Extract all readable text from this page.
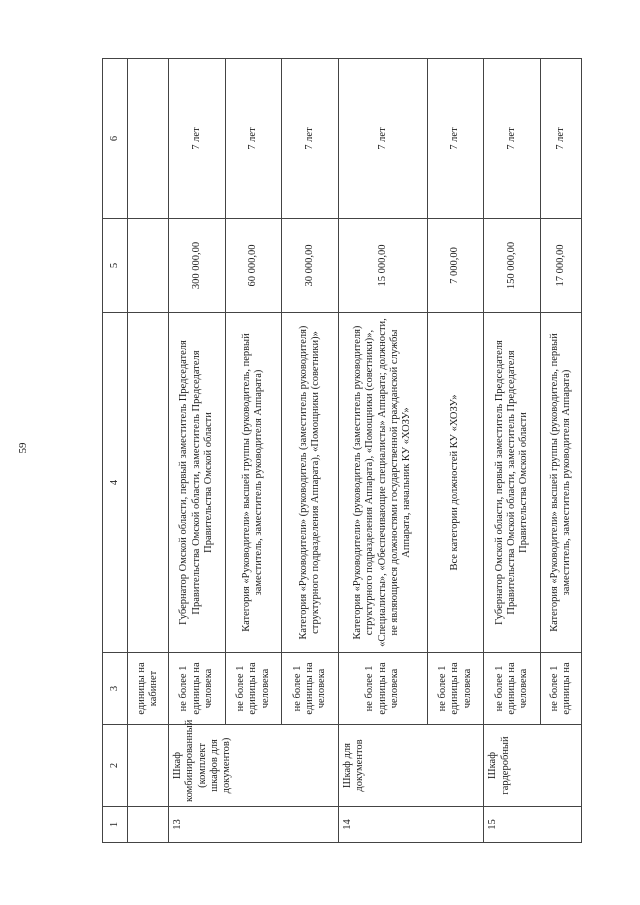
59
1	2	3	4	5	6
		единицы на кабинет			
13	Шкаф комбинированный (комплект шкафов для документов)	не более 1 единицы на человека	Губернатор Омской области, первый заместитель Председателя Правительства Омской области, заместитель Председателя Правительства Омской области	300 000,00	7 лет
		не более 1 единицы на человека	Категория «Руководители» высшей группы (руководитель, первый заместитель, заместитель руководителя Аппарата)	60 000,00	7 лет
		не более 1 единицы на человека	Категория «Руководители» (руководитель (заместитель руководителя) структурного подразделения Аппарата), «Помощники (советники)»	30 000,00	7 лет
14	Шкаф для документов	не более 1 единицы на человека	Категория «Руководители» (руководитель (заместитель руководителя) структурного подразделения Аппарата), «Помощники (советники)», «Специалисты», «Обеспечивающие специалисты» Аппарата; должности, не являющиеся должностями государственной гражданской службы Аппарата, начальник КУ «ХОЗУ»	15 000,00	7 лет
		не более 1 единицы на человека	Все категории должностей КУ «ХОЗУ»	7 000,00	7 лет
15	Шкаф гардеробный	не более 1 единицы на человека	Губернатор Омской области, первый заместитель Председателя Правительства Омской области, заместитель Председателя Правительства Омской области	150 000,00	7 лет
		не более 1 единицы на	Категория «Руководители» высшей группы (руководитель, первый заместитель, заместитель руководителя Аппарата)	17 000,00	7 лет
